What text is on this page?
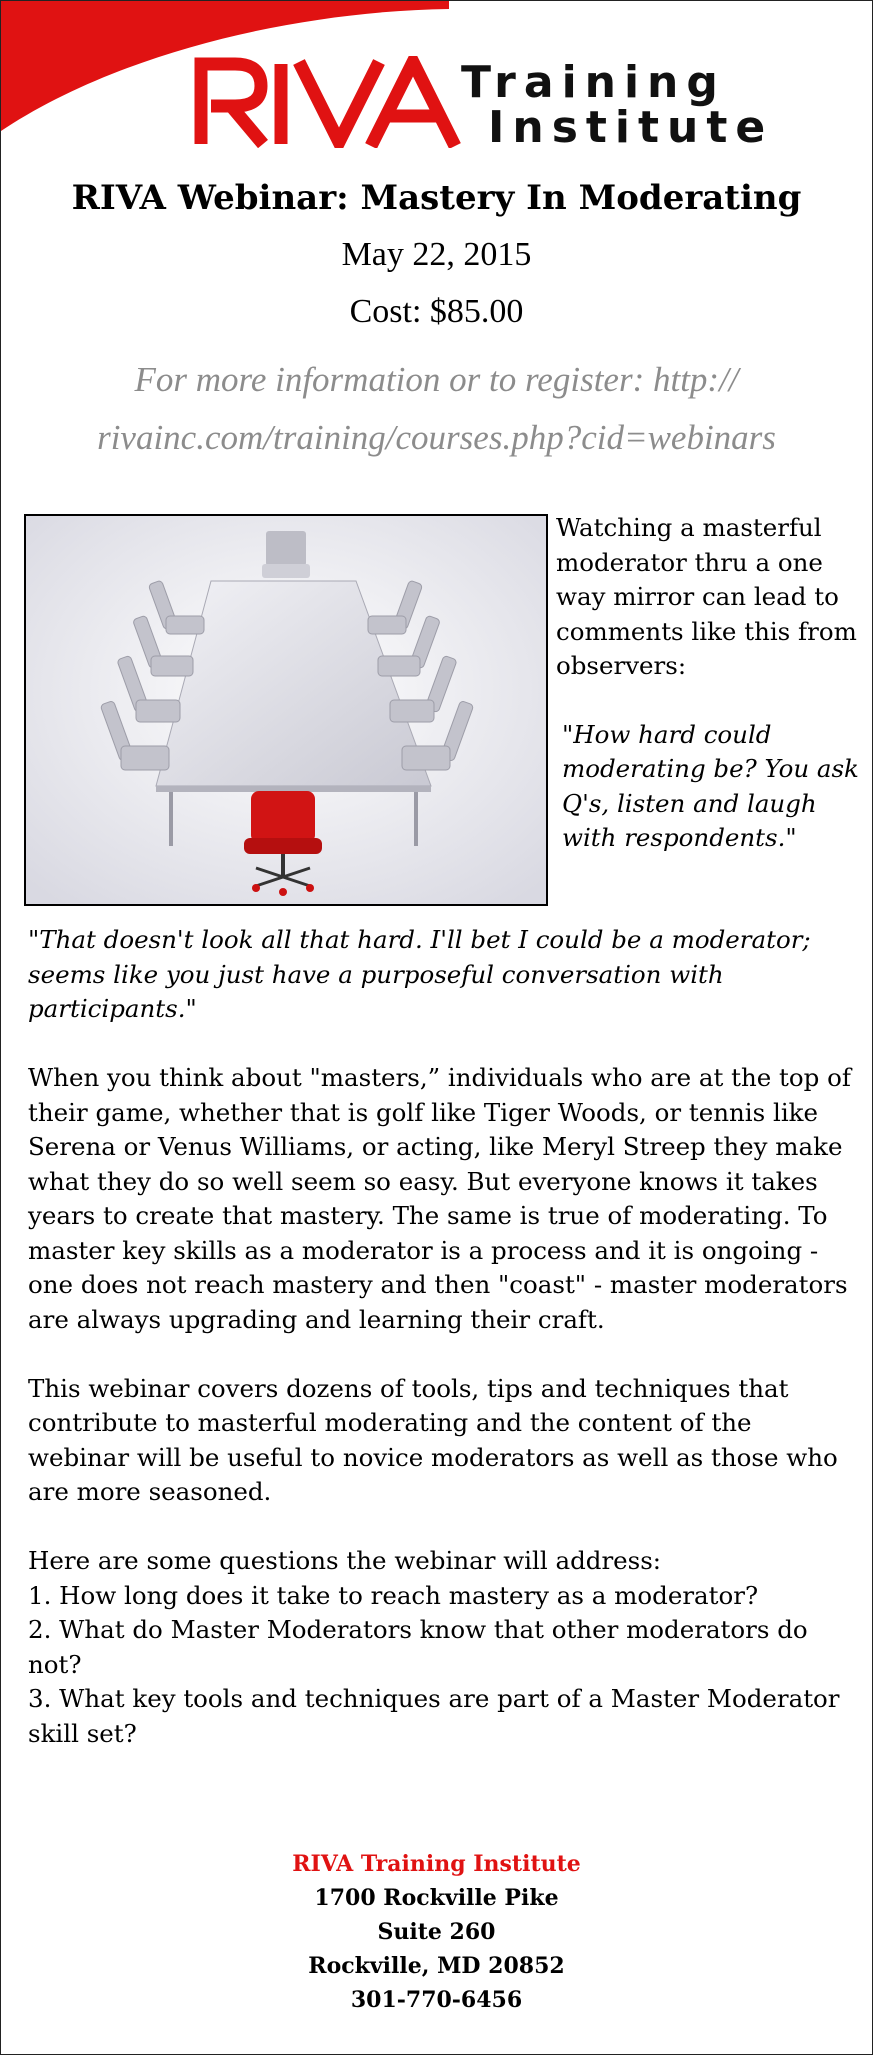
Training
Institute
RIVA Webinar: Mastery In Moderating
May 22, 2015
Cost: $85.00
For more information or to register: http://
rivainc.com/training/courses.php?cid=webinars
Watching a masterful moderator thru a one way mirror can lead to comments like this from observers:
"How hard could moderating be? You ask Q's, listen and laugh with respondents."

"That doesn't look all that hard. I'll bet I could be a moderator; seems like you just have a purposeful conversation with participants."

When you think about "masters,” individuals who are at the top of their game, whether that is golf like Tiger Woods, or tennis like Serena or Venus Williams, or acting, like Meryl Streep they make what they do so well seem so easy. But everyone knows it takes years to create that mastery. The same is true of moderating. To master key skills as a moderator is a process and it is ongoing - one does not reach mastery and then "coast" - master moderators are always upgrading and learning their craft.

This webinar covers dozens of tools, tips and techniques that contribute to masterful moderating and the content of the webinar will be useful to novice moderators as well as those who are more seasoned.

Here are some questions the webinar will address:

1. How long does it take to reach mastery as a moderator?

2. What do Master Moderators know that other moderators do not?

3. What key tools and techniques are part of a Master Moderator skill set?

RIVA Training Institute
1700 Rockville Pike
Suite 260
Rockville, MD 20852
301-770-6456
